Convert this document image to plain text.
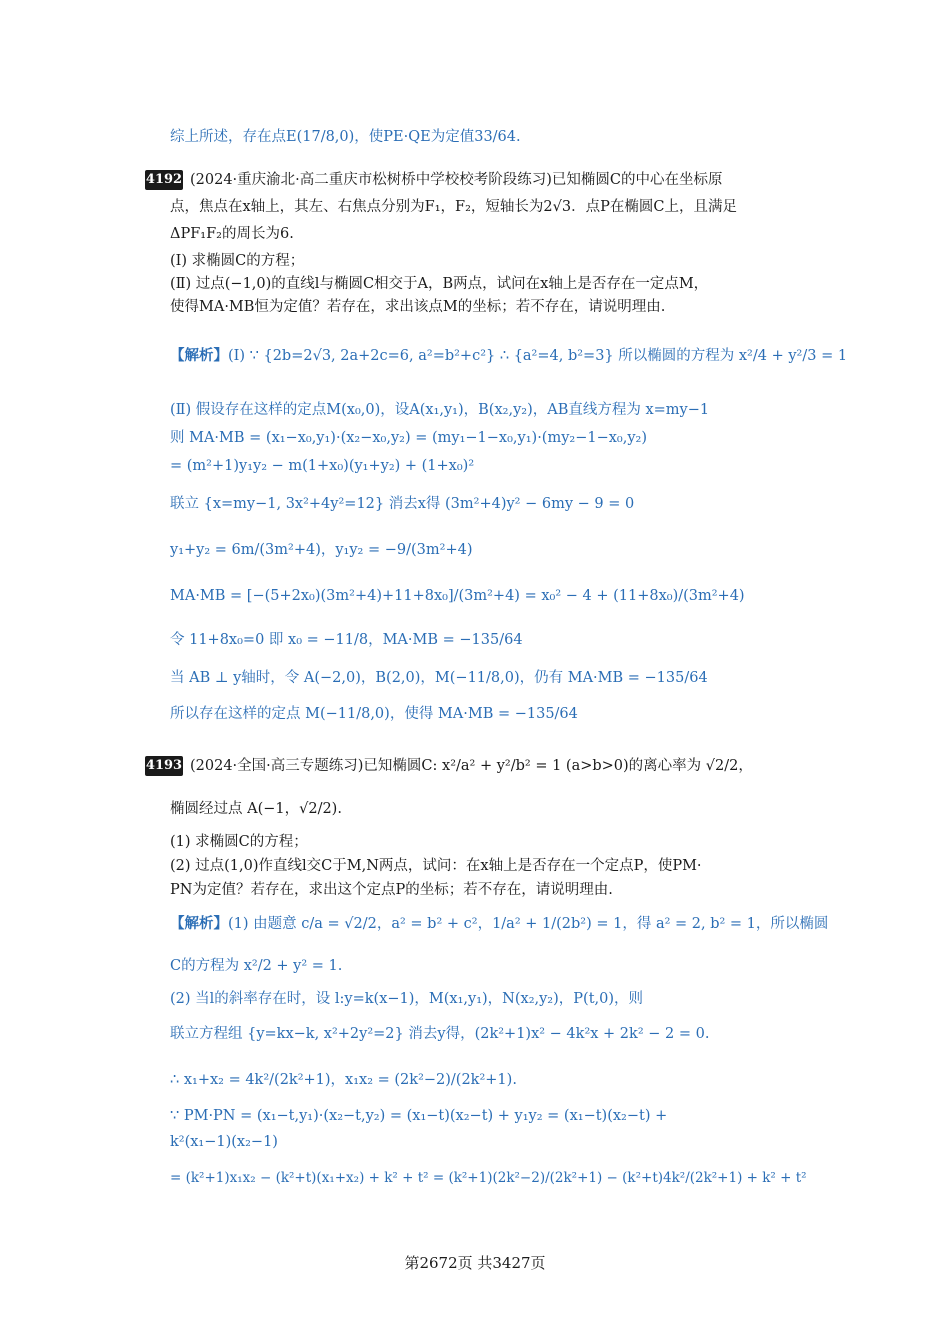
综上所述，存在点E(17/8,0)，使PE·QE为定值33/64.
4192 (2024·重庆渝北·高二重庆市松树桥中学校校考阶段练习)已知椭圆C的中心在坐标原
点，焦点在x轴上，其左、右焦点分别为F₁，F₂，短轴长为2√3．点P在椭圆C上，且满足
ΔPF₁F₂的周长为6.
(I) 求椭圆C的方程；
(Ⅱ) 过点(−1,0)的直线l与椭圆C相交于A，B两点，试问在x轴上是否存在一定点M，
使得MA·MB恒为定值？若存在，求出该点M的坐标；若不存在，请说明理由.
【解析】(Ⅰ) ∵ {2b=2√3, 2a+2c=6, a²=b²+c²} ∴ {a²=4, b²=3} 所以椭圆的方程为 x²/4 + y²/3 = 1
(Ⅱ) 假设存在这样的定点M(x₀,0)，设A(x₁,y₁)，B(x₂,y₂)，AB直线方程为 x=my−1
则 MA·MB = (x₁−x₀,y₁)·(x₂−x₀,y₂) = (my₁−1−x₀,y₁)·(my₂−1−x₀,y₂)
= (m²+1)y₁y₂ − m(1+x₀)(y₁+y₂) + (1+x₀)²
联立 {x=my−1, 3x²+4y²=12} 消去x得 (3m²+4)y² − 6my − 9 = 0
y₁+y₂ = 6m/(3m²+4)，y₁y₂ = −9/(3m²+4)
MA·MB = [−(5+2x₀)(3m²+4)+11+8x₀]/(3m²+4) = x₀² − 4 + (11+8x₀)/(3m²+4)
令 11+8x₀=0 即 x₀ = −11/8，MA·MB = −135/64
当 AB ⊥ y轴时，令 A(−2,0)，B(2,0)，M(−11/8,0)，仍有 MA·MB = −135/64
所以存在这样的定点 M(−11/8,0)，使得 MA·MB = −135/64
4193 (2024·全国·高三专题练习)已知椭圆C: x²/a² + y²/b² = 1 (a>b>0)的离心率为 √2/2，
椭圆经过点 A(−1，√2/2).
(1) 求椭圆C的方程；
(2) 过点(1,0)作直线l交C于M,N两点，试问：在x轴上是否存在一个定点P，使PM·
PN为定值？若存在，求出这个定点P的坐标；若不存在，请说明理由.
【解析】(1) 由题意 c/a = √2/2，a² = b² + c²，1/a² + 1/(2b²) = 1，得 a² = 2, b² = 1，所以椭圆
C的方程为 x²/2 + y² = 1.
(2) 当l的斜率存在时，设 l:y=k(x−1)，M(x₁,y₁)，N(x₂,y₂)，P(t,0)，则
联立方程组 {y=kx−k, x²+2y²=2} 消去y得，(2k²+1)x² − 4k²x + 2k² − 2 = 0.
∴ x₁+x₂ = 4k²/(2k²+1)，x₁x₂ = (2k²−2)/(2k²+1).
∵ PM·PN = (x₁−t,y₁)·(x₂−t,y₂) = (x₁−t)(x₂−t) + y₁y₂ = (x₁−t)(x₂−t) +
k²(x₁−1)(x₂−1)
= (k²+1)x₁x₂ − (k²+t)(x₁+x₂) + k² + t² = (k²+1)(2k²−2)/(2k²+1) − (k²+t)4k²/(2k²+1) + k² + t²
第2672页 共3427页
